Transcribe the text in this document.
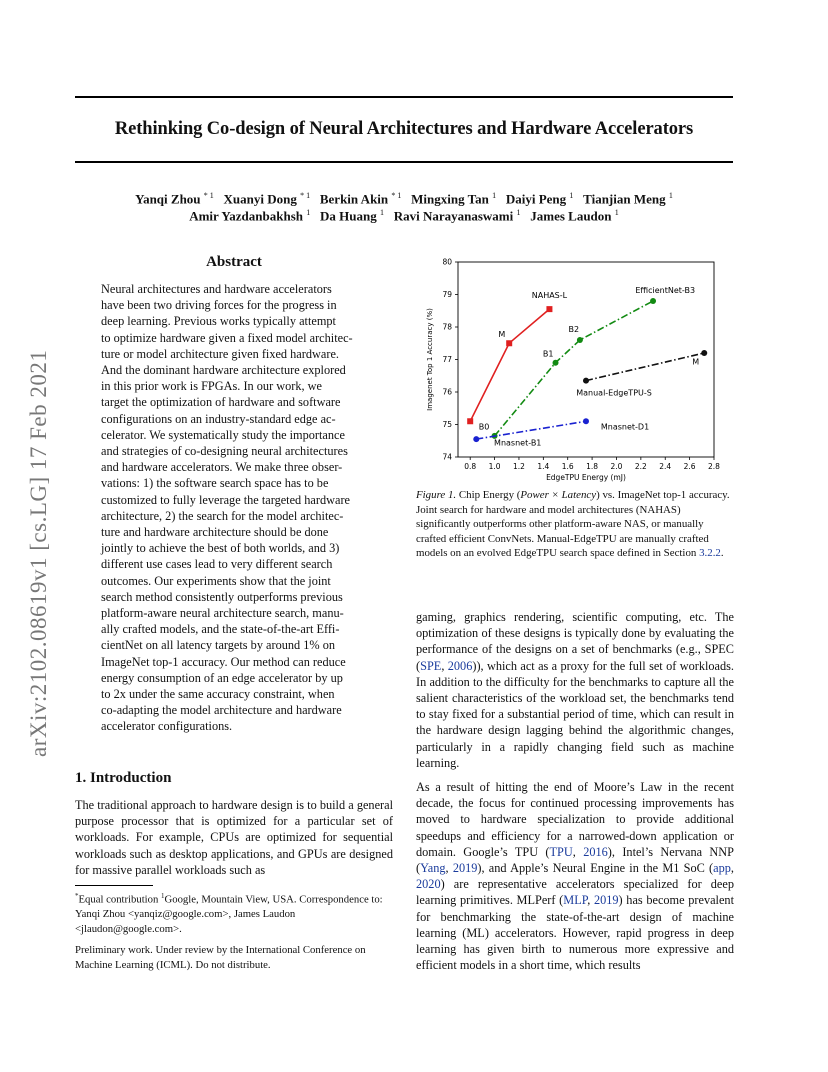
Rethinking Co-design of Neural Architectures and Hardware Accelerators
Yanqi Zhou $^{* 1}$ Xuanyi Dong $^{* 1}$ Berkin Akin $^{* 1}$ Mingxing Tan $^1$ Daiyi Peng $^1$ Tianjian Meng $^1$
Amir Yazdanbakhsh $^1$ Da Huang $^1$ Ravi Narayanaswami $^1$ James Laudon $^1$
arXiv:2102.08619v1 [cs.LG] 17 Feb 2021
Abstract
Neural architectures and hardware accelerators
have been two driving forces for the progress in
deep learning. Previous works typically attempt
to optimize hardware given a fixed model architec-
ture or model architecture given fixed hardware.
And the dominant hardware architecture explored
in this prior work is FPGAs. In our work, we
target the optimization of hardware and software
configurations on an industry-standard edge ac-
celerator. We systematically study the importance
and strategies of co-designing neural architectures
and hardware accelerators. We make three obser-
vations: 1) the software search space has to be
customized to fully leverage the targeted hardware
architecture, 2) the search for the model architec-
ture and hardware architecture should be done
jointly to achieve the best of both worlds, and 3)
different use cases lead to very different search
outcomes. Our experiments show that the joint
search method consistently outperforms previous
platform-aware neural architecture search, manu-
ally crafted models, and the state-of-the-art Effi-
cientNet on all latency targets by around 1% on
ImageNet top-1 accuracy. Our method can reduce
energy consumption of an edge accelerator by up
to 2x under the same accuracy constraint, when
co-adapting the model architecture and hardware
accelerator configurations.
1. Introduction

The traditional approach to hardware design is to build a general purpose processor that is optimized for a particular set of workloads. For example, CPUs are optimized for sequential workloads such as desktop applications, and GPUs are designed for massive parallel workloads such as

*Equal contribution $^1$Google, Mountain View, USA. Correspondence to: Yanqi Zhou <yanqiz@google.com>, James Laudon <jlaudon@google.com>.

Preliminary work. Under review by the International Conference on Machine Learning (ICML). Do not distribute.

0.8 1.0 1.2 1.4 1.6 1.8 2.0 2.2 2.4 2.6 2.8
74
75
76
77
78
79
80
EdgeTPU Energy (mJ)
Imagenet Top 1 Accuracy (%)
NAHAS-L
M
B0
EfficientNet-B3
B2
B1
M
Manual-EdgeTPU-S
Mnasnet-D1
Mnasnet-B1

Figure 1. Chip Energy (Power × Latency) vs. ImageNet top-1 accuracy. Joint search for hardware and model architectures (NAHAS) significantly outperforms other platform-aware NAS, or manually crafted efficient ConvNets. Manual-EdgeTPU are manually crafted models on an evolved EdgeTPU search space defined in Section 3.2.2.

gaming, graphics rendering, scientific computing, etc. The optimization of these designs is typically done by evaluating the performance of the designs on a set of benchmarks (e.g., SPEC (SPE, 2006)), which act as a proxy for the full set of workloads. In addition to the difficulty for the benchmarks to capture all the salient characteristics of the workload set, the benchmarks tend to stay fixed for a substantial period of time, which can result in the hardware design lagging behind the algorithmic changes, particularly in a rapidly changing field such as machine learning.

As a result of hitting the end of Moore’s Law in the recent decade, the focus for continued processing improvements has moved to hardware specialization to provide additional speedups and efficiency for a narrowed-down application or domain. Google’s TPU (TPU, 2016), Intel’s Nervana NNP (Yang, 2019), and Apple’s Neural Engine in the M1 SoC (app, 2020) are representative accelerators specialized for deep learning primitives. MLPerf (MLP, 2019) has become prevalent for benchmarking the state-of-the-art design of machine learning (ML) accelerators. However, rapid progress in deep learning has given birth to numerous more expressive and efficient models in a short time, which results
